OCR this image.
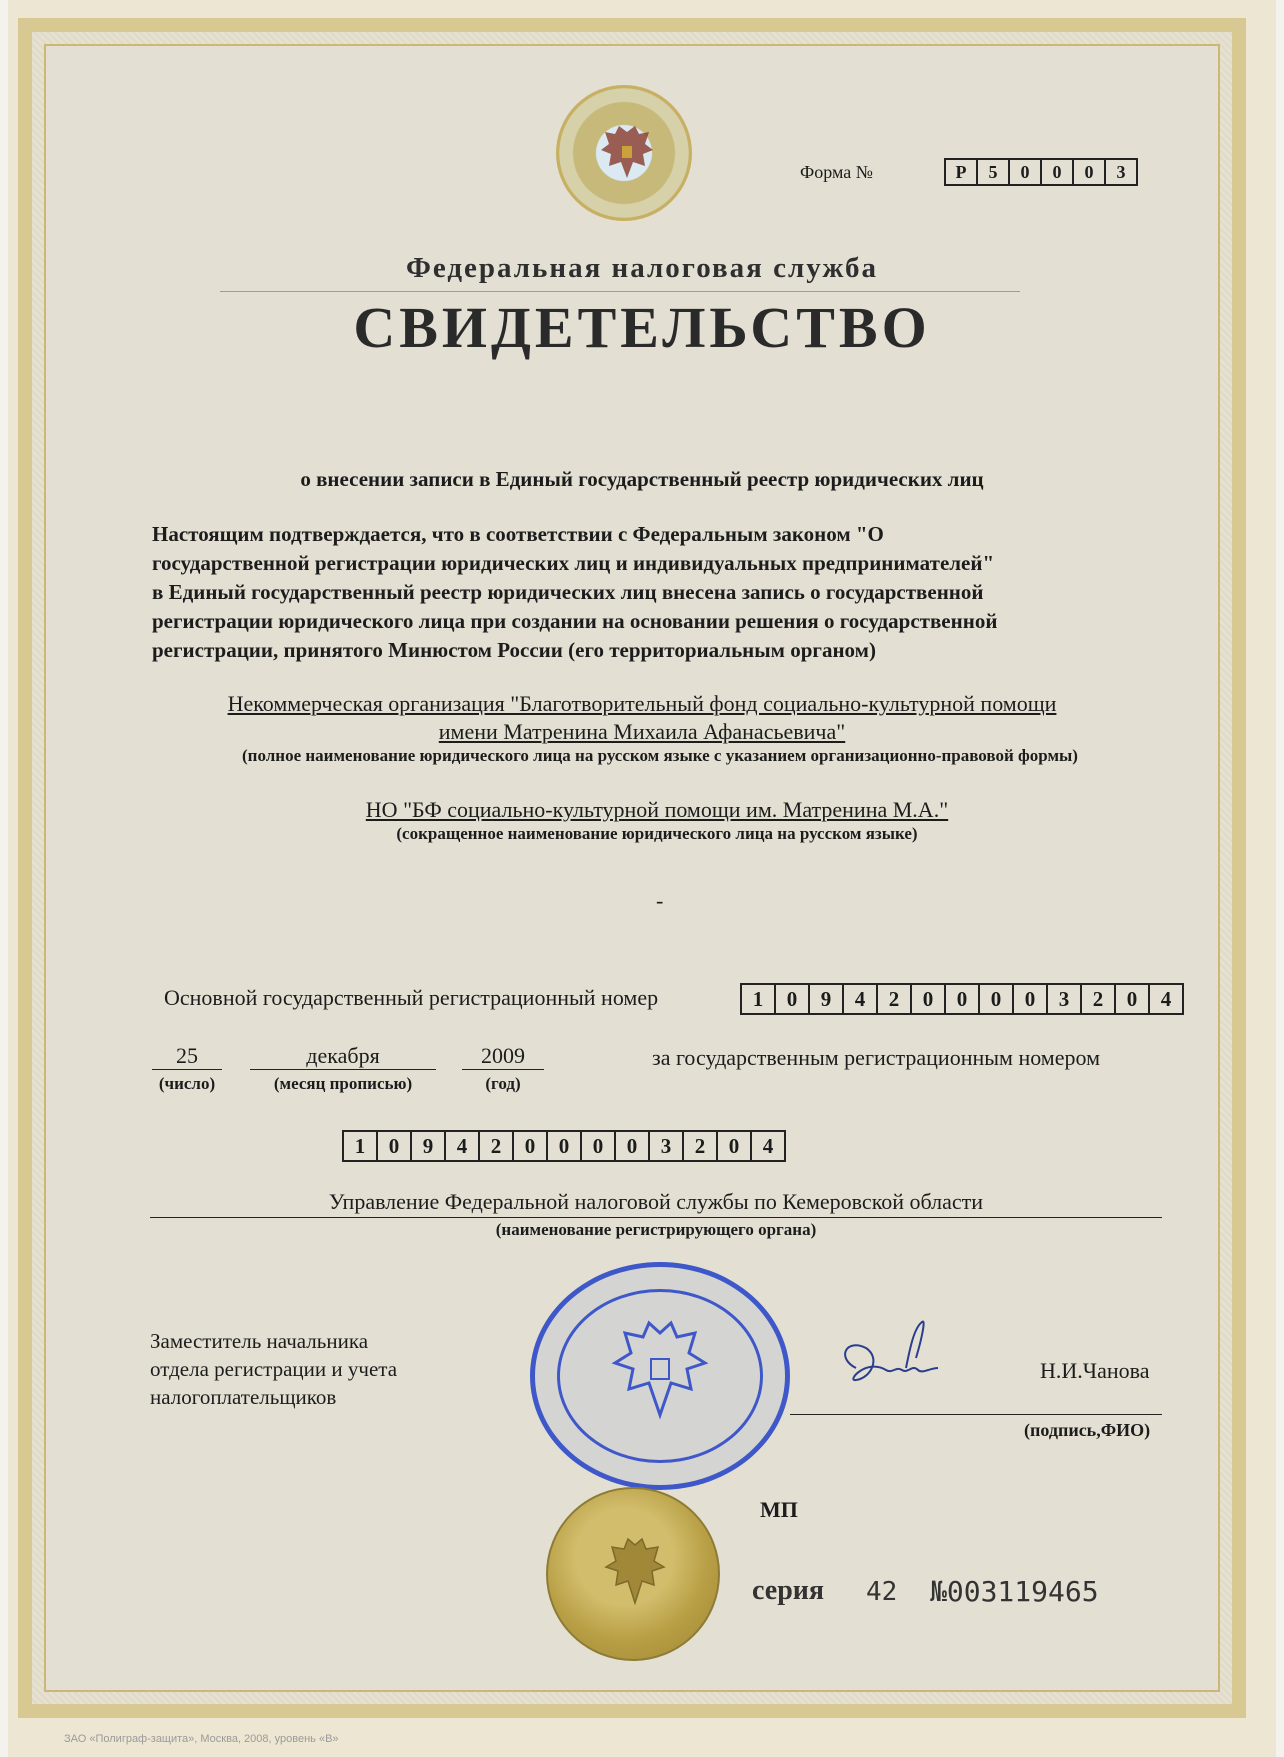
Форма №	Р	5	0	0	0	3
Федеральная налоговая служба
СВИДЕТЕЛЬСТВО
о внесении записи в Единый государственный реестр юридических лиц

Настоящим подтверждается, что в соответствии с Федеральным законом "О

государственной регистрации юридических лиц и индивидуальных предпринимателей"

в Единый государственный реестр юридических лиц внесена запись о государственной

регистрации юридического лица при создании на основании решения о государственной

регистрации, принятого Минюстом России (его территориальным органом)

Некоммерческая организация "Благотворительный фонд социально-культурной помощи
имени Матренина Михаила Афанасьевича"
(полное наименование юридического лица на русском языке с указанием организационно-правовой формы)
НО "БФ социально-культурной помощи им. Матренина М.А."
(сокращенное наименование юридического лица на русском языке)
-
Основной государственный регистрационный номер	1	0	9	4	2	0	0	0	0	3	2	0	4
25
(число)
декабря
(месяц прописью)
2009
(год)
за государственным регистрационным номером
1	0	9	4	2	0	0	0	0	3	2	0	4
Управление Федеральной налоговой службы по Кемеровской области
(наименование регистрирующего органа)
Заместитель начальника
отдела регистрации и учета
налогоплательщиков
Н.И.Чанова
(подпись,ФИО)
МП
серия 42 №003119465
ЗАО «Полиграф-защита», Москва, 2008, уровень «В»
